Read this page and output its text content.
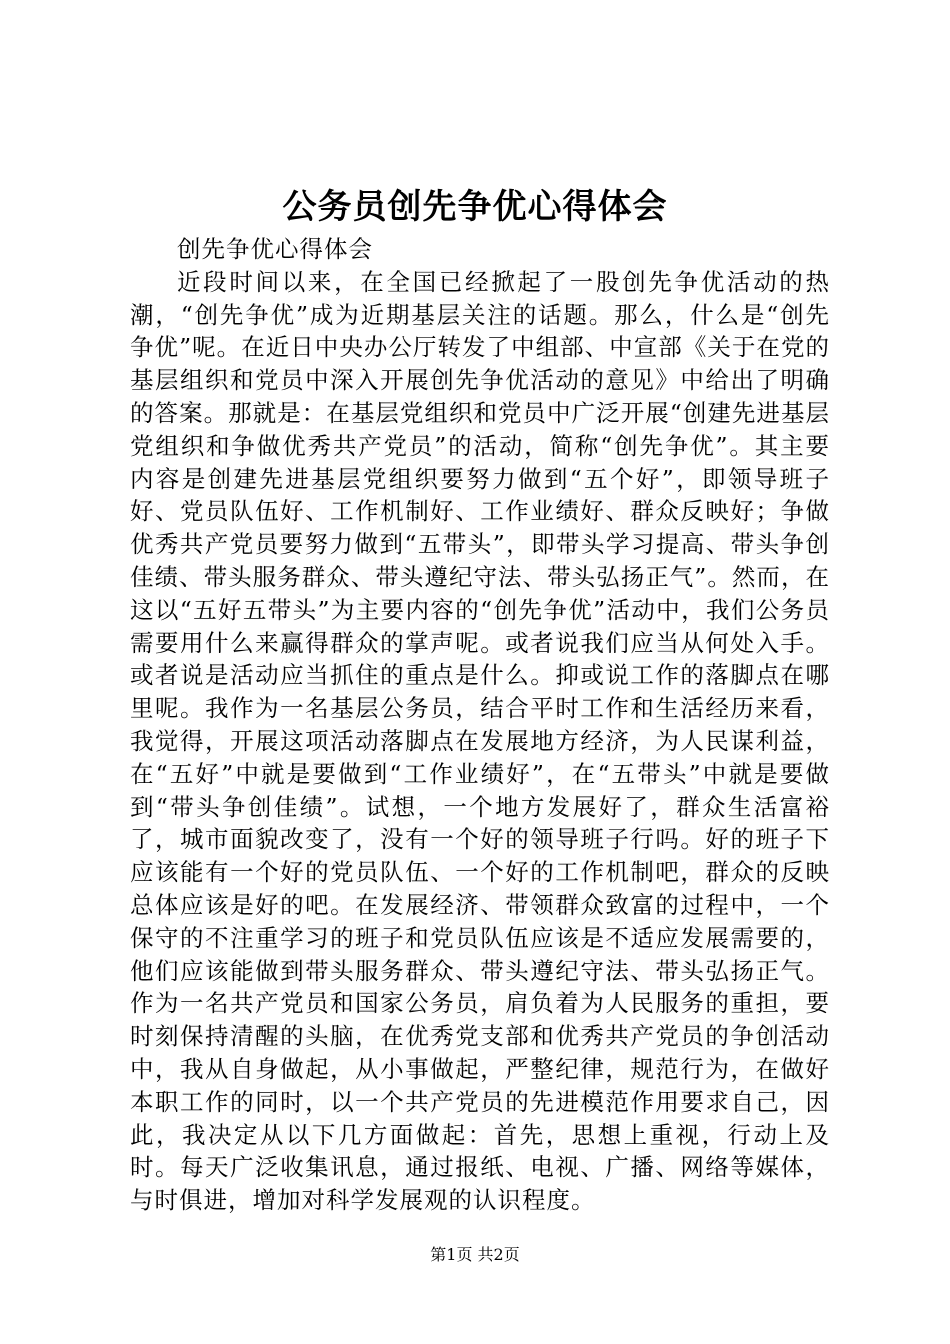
公务员创先争优心得体会

创先争优心得体会

近段时间以来，在全国已经掀起了一股创先争优活动的热潮，“创先争优”成为近期基层关注的话题。那么，什么是“创先争优”呢。在近日中央办公厅转发了中组部、中宣部《关于在党的基层组织和党员中深入开展创先争优活动的意见》中给出了明确的答案。那就是：在基层党组织和党员中广泛开展“创建先进基层党组织和争做优秀共产党员”的活动，简称“创先争优”。其主要内容是创建先进基层党组织要努力做到“五个好”，即领导班子好、党员队伍好、工作机制好、工作业绩好、群众反映好；争做优秀共产党员要努力做到“五带头”，即带头学习提高、带头争创佳绩、带头服务群众、带头遵纪守法、带头弘扬正气”。然而，在这以“五好五带头”为主要内容的“创先争优”活动中，我们公务员需要用什么来赢得群众的掌声呢。或者说我们应当从何处入手。或者说是活动应当抓住的重点是什么。抑或说工作的落脚点在哪里呢。我作为一名基层公务员，结合平时工作和生活经历来看，我觉得，开展这项活动落脚点在发展地方经济，为人民谋利益，在“五好”中就是要做到“工作业绩好”，在“五带头”中就是要做到“带头争创佳绩”。试想，一个地方发展好了，群众生活富裕了，城市面貌改变了，没有一个好的领导班子行吗。好的班子下应该能有一个好的党员队伍、一个好的工作机制吧，群众的反映总体应该是好的吧。在发展经济、带领群众致富的过程中，一个保守的不注重学习的班子和党员队伍应该是不适应发展需要的，他们应该能做到带头服务群众、带头遵纪守法、带头弘扬正气。作为一名共产党员和国家公务员，肩负着为人民服务的重担，要时刻保持清醒的头脑，在优秀党支部和优秀共产党员的争创活动中，我从自身做起，从小事做起，严整纪律，规范行为，在做好本职工作的同时，以一个共产党员的先进模范作用要求自己，因此，我决定从以下几方面做起：首先，思想上重视，行动上及时。每天广泛收集讯息，通过报纸、电视、广播、网络等媒体，与时俱进，增加对科学发展观的认识程度。

第1页 共2页
